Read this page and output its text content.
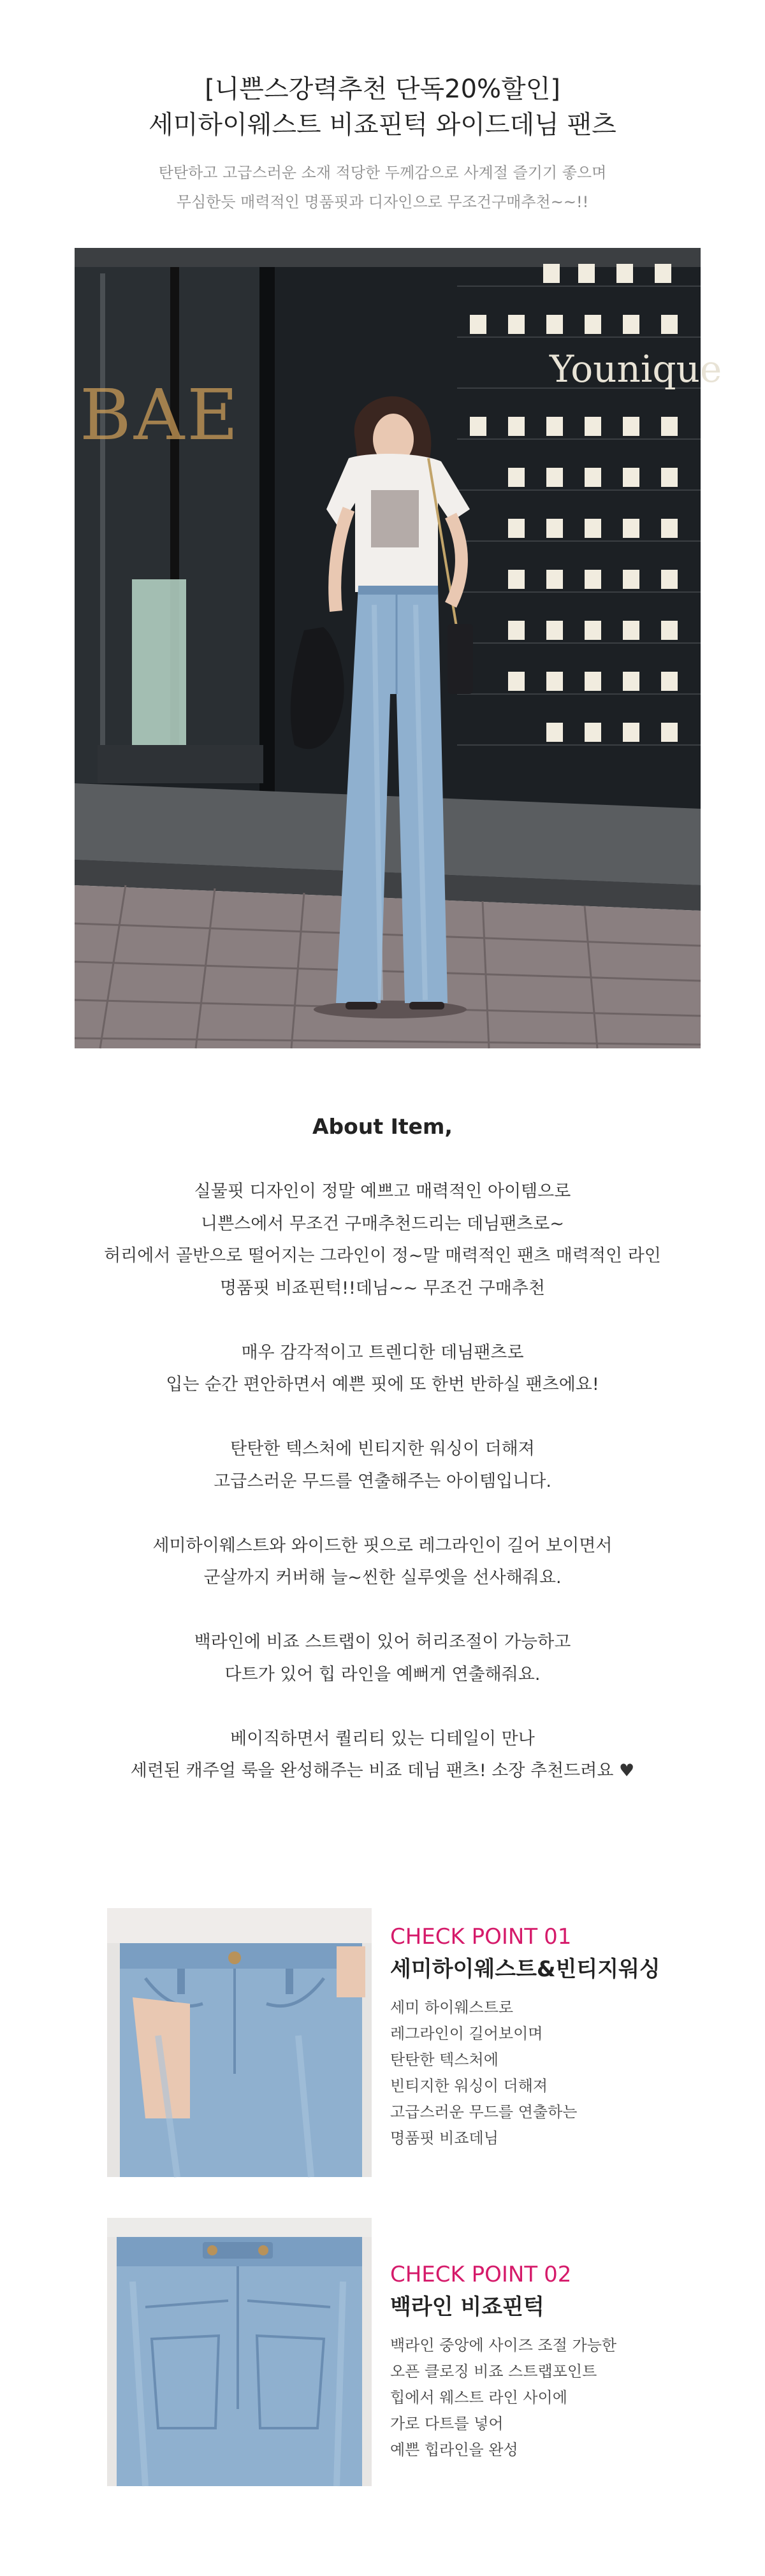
[니쁜스강력추천 단독20%할인]
세미하이웨스트 비죠핀턱 와이드데님 팬츠
탄탄하고 고급스러운 소재 적당한 두께감으로 사계절 즐기기 좋으며
무심한듯 매력적인 명품핏과 디자인으로 무조건구매추천~~!!
BAE
Younique
About Item,

실물핏 디자인이 정말 예쁘고 매력적인 아이템으로
니쁜스에서 무조건 구매추천드리는 데님팬츠로~
허리에서 골반으로 떨어지는 그라인이 정~말 매력적인 팬츠 매력적인 라인
명품핏 비죠핀턱!!데님~~ 무조건 구매추천

매우 감각적이고 트렌디한 데님팬츠로
입는 순간 편안하면서 예쁜 핏에 또 한번 반하실 팬츠에요!

탄탄한 텍스처에 빈티지한 워싱이 더해져
고급스러운 무드를 연출해주는 아이템입니다.

세미하이웨스트와 와이드한 핏으로 레그라인이 길어 보이면서
군살까지 커버해 늘~씬한 실루엣을 선사해줘요.

백라인에 비죠 스트랩이 있어 허리조절이 가능하고
다트가 있어 힙 라인을 예뻐게 연출해줘요.

베이직하면서 퀄리티 있는 디테일이 만나
세련된 캐주얼 룩을 완성해주는 비죠 데님 팬츠! 소장 추천드려요 ♥

CHECK POINT 01
세미하이웨스트&빈티지워싱
세미 하이웨스트로
레그라인이 길어보이며
탄탄한 텍스처에
빈티지한 워싱이 더해져
고급스러운 무드를 연출하는
명품핏 비죠데님
CHECK POINT 02
백라인 비죠핀턱
백라인 중앙에 사이즈 조절 가능한
오픈 클로징 비죠 스트랩포인트
힙에서 웨스트 라인 사이에
가로 다트를 넣어
예쁜 힙라인을 완성
